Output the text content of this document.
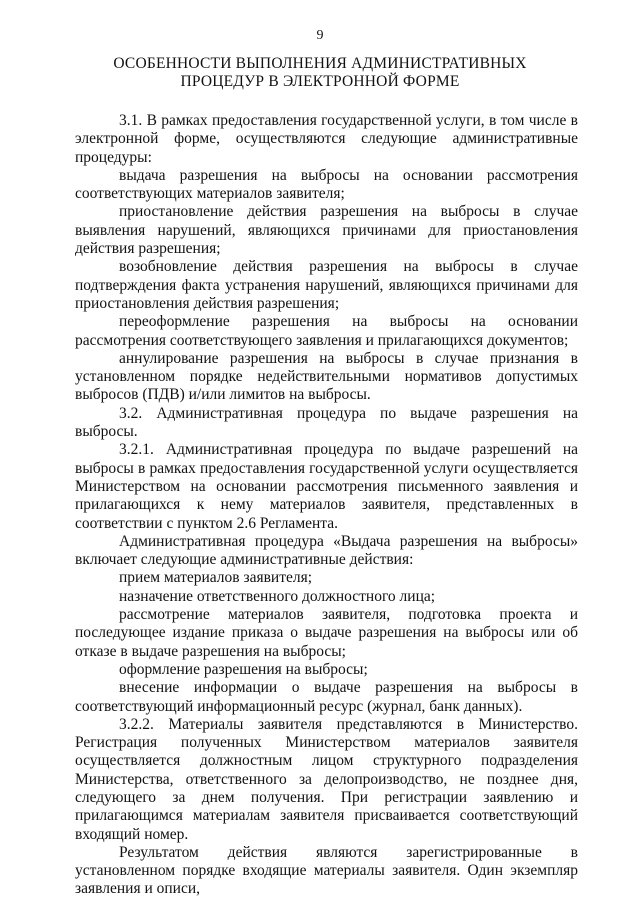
9
ОСОБЕННОСТИ ВЫПОЛНЕНИЯ АДМИНИСТРАТИВНЫХ
ПРОЦЕДУР В ЭЛЕКТРОННОЙ ФОРМЕ

3.1. В рамках предоставления государственной услуги, в том числе в электронной форме, осуществляются следующие административные процедуры:

выдача разрешения на выбросы на основании рассмотрения соответствующих материалов заявителя;

приостановление действия разрешения на выбросы в случае выявления нарушений, являющихся причинами для приостановления действия разрешения;

возобновление действия разрешения на выбросы в случае подтверждения факта устранения нарушений, являющихся причинами для приостановления действия разрешения;

переоформление разрешения на выбросы на основании рассмотрения соответствующего заявления и прилагающихся документов;

аннулирование разрешения на выбросы в случае признания в установленном порядке недействительными нормативов допустимых выбросов (ПДВ) и/или лимитов на выбросы.

3.2. Административная процедура по выдаче разрешения на выбросы.

3.2.1. Административная процедура по выдаче разрешений на выбросы в рамках предоставления государственной услуги осуществляется Министерством на основании рассмотрения письменного заявления и прилагающихся к нему материалов заявителя, представленных в соответствии с пунктом 2.6 Регламента.

Административная процедура «Выдача разрешения на выбросы» включает следующие административные действия:

прием материалов заявителя;

назначение ответственного должностного лица;

рассмотрение материалов заявителя, подготовка проекта и последующее издание приказа о выдаче разрешения на выбросы или об отказе в выдаче разрешения на выбросы;

оформление разрешения на выбросы;

внесение информации о выдаче разрешения на выбросы в соответствующий информационный ресурс (журнал, банк данных).

3.2.2. Материалы заявителя представляются в Министерство. Регистрация полученных Министерством материалов заявителя осуществляется должностным лицом структурного подразделения Министерства, ответственного за делопроизводство, не позднее дня, следующего за днем получения. При регистрации заявлению и прилагающимся материалам заявителя присваивается соответствующий входящий номер.

Результатом действия являются зарегистрированные в установленном порядке входящие материалы заявителя. Один экземпляр заявления и описи,
